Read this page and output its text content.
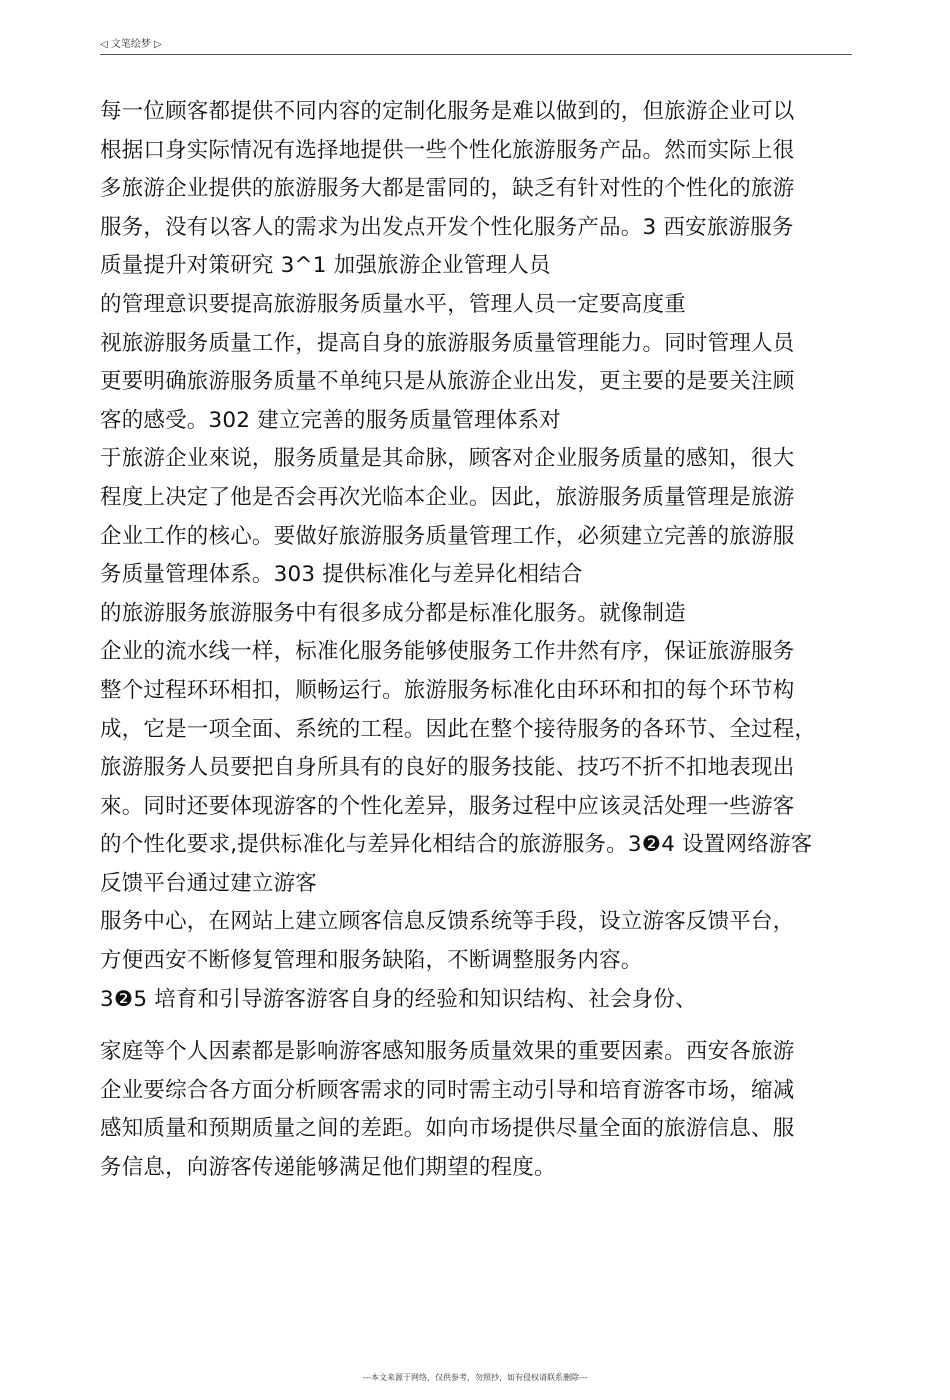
◁ 文笔绘梦 ▷
每一位顾客都提供不同内容的定制化服务是难以做到的，但旅游企业可以
根据口身实际情况有选择地提供一些个性化旅游服务产品。然而实际上很
多旅游企业提供的旅游服务大都是雷同的，缺乏有针对性的个性化的旅游
服务，没有以客人的需求为出发点开发个性化服务产品。3 西安旅游服务
质量提升对策研究 3^1 加强旅游企业管理人员
的管理意识要提高旅游服务质量水平，管理人员一定要高度重
视旅游服务质量工作，提高自身的旅游服务质量管理能力。同时管理人员
更要明确旅游服务质量不单纯只是从旅游企业出发，更主要的是要关注顾
客的感受。302 建立完善的服务质量管理体系对
于旅游企业來说，服务质量是其命脉，顾客对企业服务质量的感知，很大
程度上决定了他是否会再次光临本企业。因此，旅游服务质量管理是旅游
企业工作的核心。要做好旅游服务质量管理工作，必须建立完善的旅游服
务质量管理体系。303 提供标准化与差异化相结合
的旅游服务旅游服务中有很多成分都是标准化服务。就像制造
企业的流水线一样，标准化服务能够使服务工作井然有序，保证旅游服务
整个过程环环相扣，顺畅运行。旅游服务标准化由环环和扣的每个环节构
成，它是一项全面、系统的工程。因此在整个接待服务的各环节、全过程，
旅游服务人员要把自身所具有的良好的服务技能、技巧不折不扣地表现出
來。同时还要体现游客的个性化差异，服务过程中应该灵活处理一些游客
的个性化要求,提供标准化与差异化相结合的旅游服务。3❷4 设置网络游客
反馈平台通过建立游客
服务中心，在网站上建立顾客信息反馈系统等手段，设立游客反馈平台，
方便西安不断修复管理和服务缺陷，不断调整服务内容。
3❷5 培育和引导游客游客自身的经验和知识结构、社会身份、
家庭等个人因素都是影响游客感知服务质量效果的重要因素。西安各旅游
企业要综合各方面分析顾客需求的同时需主动引导和培育游客市场，缩减
感知质量和预期质量之间的差距。如向市场提供尽量全面的旅游信息、服
务信息，向游客传递能够满足他们期望的程度。
---本文来源于网络，仅供参考，勿照抄，如有侵权请联系删除---
